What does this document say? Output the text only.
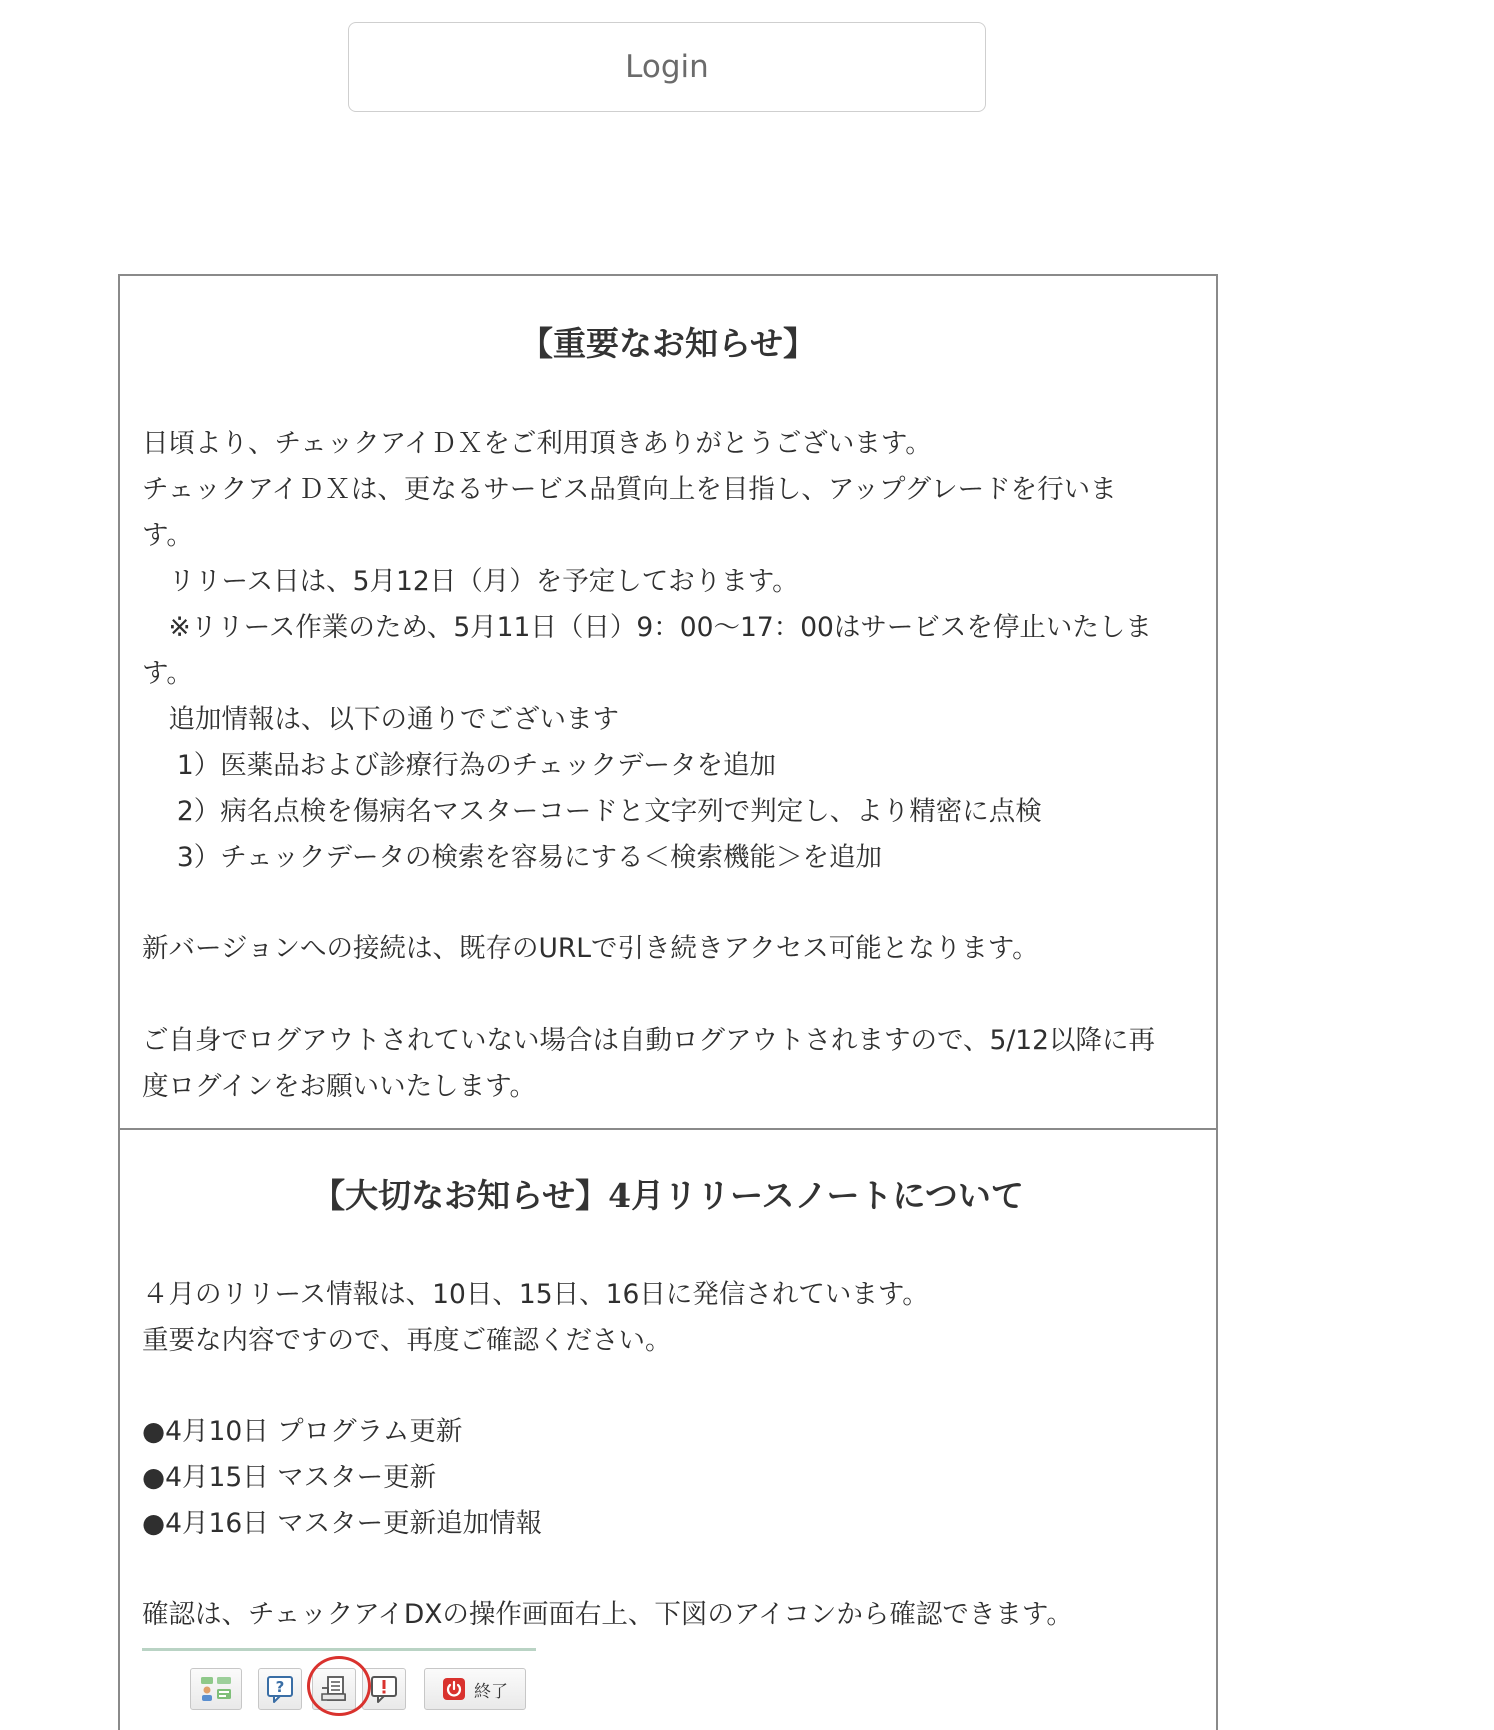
Login
【重要なお知らせ】
日頃より、チェックアイＤＸをご利用頂きありがとうございます。
チェックアイＤＸは、更なるサービス品質向上を目指し、アップグレードを行いま
す。
　リリース日は、5月12日（月）を予定しております。
　※リリース作業のため、5月11日（日）9：00～17：00はサービスを停止いたしま
す。
　追加情報は、以下の通りでございます
　 1）医薬品および診療行為のチェックデータを追加
　 2）病名点検を傷病名マスターコードと文字列で判定し、より精密に点検
　 3）チェックデータの検索を容易にする＜検索機能＞を追加
新バージョンへの接続は、既存のURLで引き続きアクセス可能となります。
ご自身でログアウトされていない場合は自動ログアウトされますので、5/12以降に再
度ログインをお願いいたします。
【大切なお知らせ】4月リリースノートについて
４月のリリース情報は、10日、15日、16日に発信されています。
重要な内容ですので、再度ご確認ください。
●4月10日 プログラム更新
●4月15日 マスター更新
●4月16日 マスター更新追加情報
確認は、チェックアイDXの操作画面右上、下図のアイコンから確認できます。
?	終了
